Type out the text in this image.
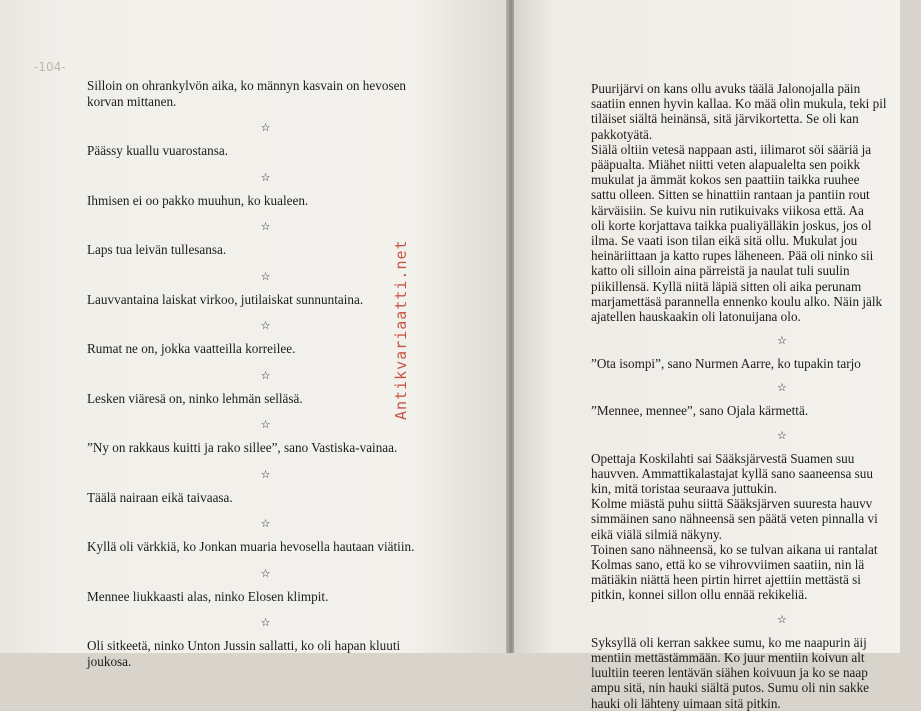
-104-

Silloin on ohrankylvön aika, ko männyn kasvain on hevosen korvan mittanen.

☆

Päässy kuallu vuarostansa.

☆

Ihmisen ei oo pakko muuhun, ko kualeen.

☆

Laps tua leivän tullesansa.

☆

Lauvvantaina laiskat virkoo, jutilaiskat sunnuntaina.

☆

Rumat ne on, jokka vaatteilla korreilee.

☆

Lesken viäresä on, ninko lehmän selläsä.

☆

”Ny on rakkaus kuitti ja rako sillee”, sano Vastiska-vainaa.

☆

Täälä nairaan eikä taivaasa.

☆

Kyllä oli värkkiä, ko Jonkan muaria hevosella hautaan viätiin.

☆

Mennee liukkaasti alas, ninko Elosen klimpit.

☆

Oli sitkeetä, ninko Unton Jussin sallatti, ko oli hapan kluuti joukosa.

Antikvariaatti.net

Puurijärvi on kans ollu avuks täälä Jalonojalla päin

saatiin ennen hyvin kallaa. Ko mää olin mukula, teki pil

tiläiset siältä heinänsä, sitä järvikortetta. Se oli kan

pakkotyätä.

Siälä oltiin vetesä nappaan asti, iilimarot söi sääriä ja

pääpualta. Miähet niitti veten alapualelta sen poikk

mukulat ja ämmät kokos sen paattiin taikka ruuhee

sattu olleen. Sitten se hinattiin rantaan ja pantiin rout

kärväisiin. Se kuivu nin rutikuivaks viikosa että. Aa

oli korte korjattava taikka pualiyälläkin joskus, jos ol

ilma. Se vaati ison tilan eikä sitä ollu. Mukulat jou

heinäriittaan ja katto rupes läheneen. Pää oli ninko sii

katto oli silloin aina pärreistä ja naulat tuli suulin

piikillensä. Kyllä niitä läpiä sitten oli aika perunam

marjamettäsä parannella ennenko koulu alko. Näin jälk

ajatellen hauskaakin oli latonuijana olo.

☆

”Ota isompi”, sano Nurmen Aarre, ko tupakin tarjo

☆

”Mennee, mennee”, sano Ojala kärmettä.

☆

Opettaja Koskilahti sai Sääksjärvestä Suamen suu

hauvven. Ammattikalastajat kyllä sano saaneensa suu

kin, mitä toristaa seuraava juttukin.

Kolme miästä puhu siittä Sääksjärven suuresta hauvv

simmäinen sano nähneensä sen päätä veten pinnalla vi

eikä viälä silmiä näkyny.

Toinen sano nähneensä, ko se tulvan aikana ui rantalat

Kolmas sano, että ko se vihrovviimen saatiin, nin lä

mätiäkin niättä heen pirtin hirret ajettiin mettästä si

pitkin, konnei sillon ollu ennää rekikeliä.

☆

Syksyllä oli kerran sakkee sumu, ko me naapurin äij

mentiin mettästämmään. Ko juur mentiin koivun alt

luultiin teeren lentävän siähen koivuun ja ko se naap

ampu sitä, nin hauki siältä putos. Sumu oli nin sakke

hauki oli lähteny uimaan sitä pitkin.
